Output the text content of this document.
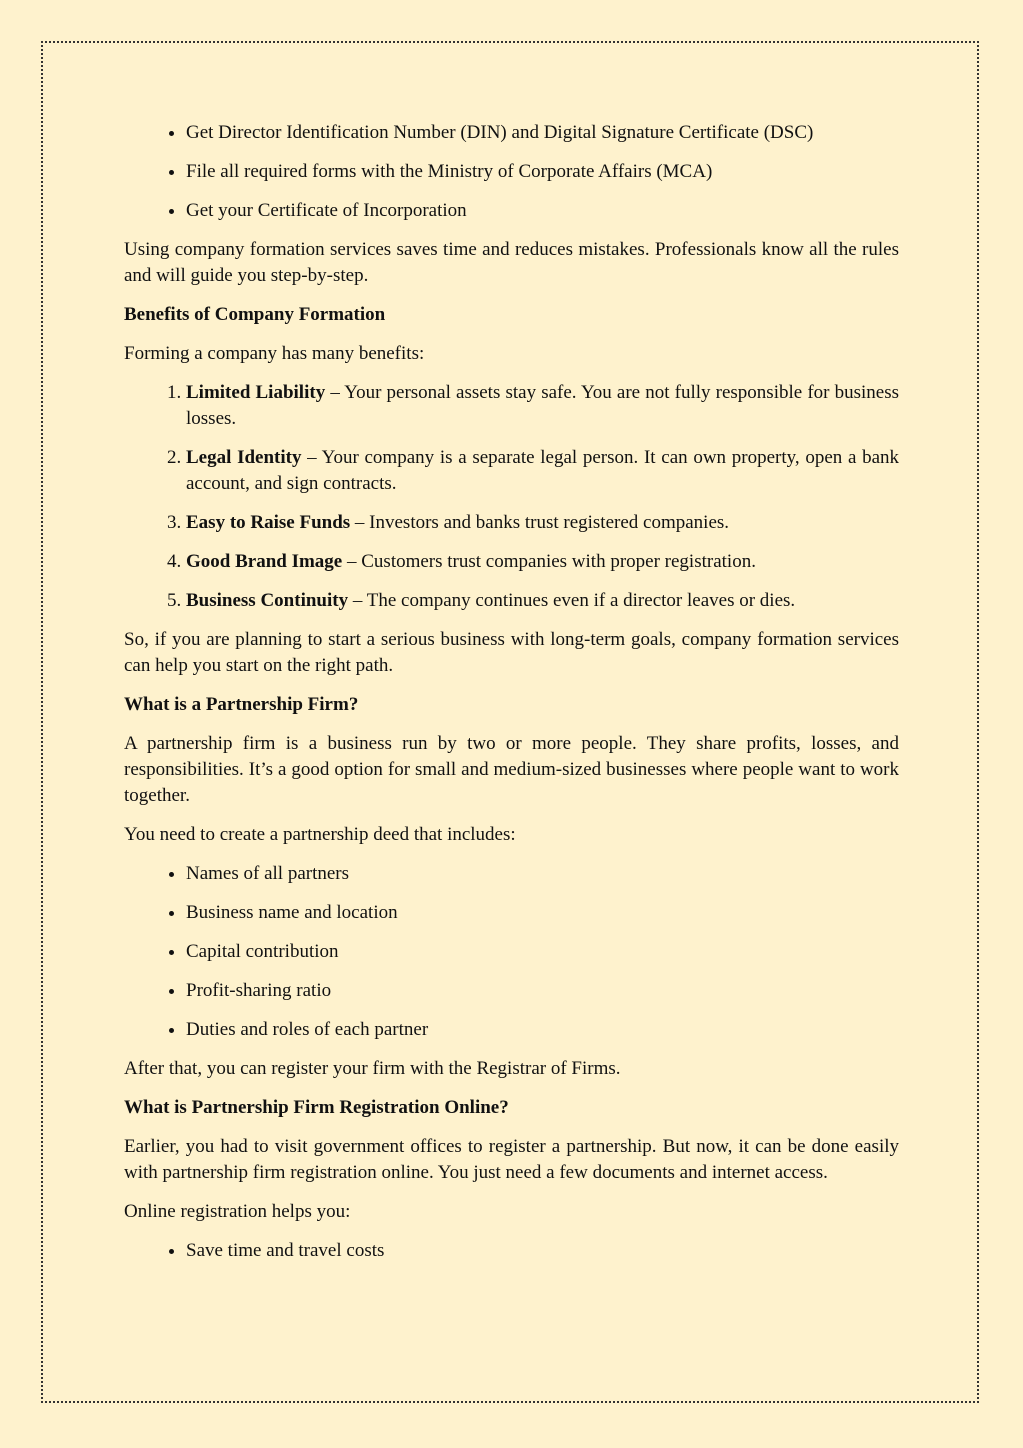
• Get Director Identification Number (DIN) and Digital Signature Certificate (DSC)
• File all required forms with the Ministry of Corporate Affairs (MCA)
• Get your Certificate of Incorporation

Using company formation services saves time and reduces mistakes. Professionals know all the rules and will guide you step-by-step.

Benefits of Company Formation

Forming a company has many benefits:

1. Limited Liability – Your personal assets stay safe. You are not fully responsible for business losses.
2. Legal Identity – Your company is a separate legal person. It can own property, open a bank account, and sign contracts.
3. Easy to Raise Funds – Investors and banks trust registered companies.
4. Good Brand Image – Customers trust companies with proper registration.
5. Business Continuity – The company continues even if a director leaves or dies.

So, if you are planning to start a serious business with long-term goals, company formation services can help you start on the right path.

What is a Partnership Firm?

A partnership firm is a business run by two or more people. They share profits, losses, and responsibilities. It’s a good option for small and medium-sized businesses where people want to work together.

You need to create a partnership deed that includes:

• Names of all partners
• Business name and location
• Capital contribution
• Profit-sharing ratio
• Duties and roles of each partner

After that, you can register your firm with the Registrar of Firms.

What is Partnership Firm Registration Online?

Earlier, you had to visit government offices to register a partnership. But now, it can be done easily with partnership firm registration online. You just need a few documents and internet access.

Online registration helps you:

• Save time and travel costs
